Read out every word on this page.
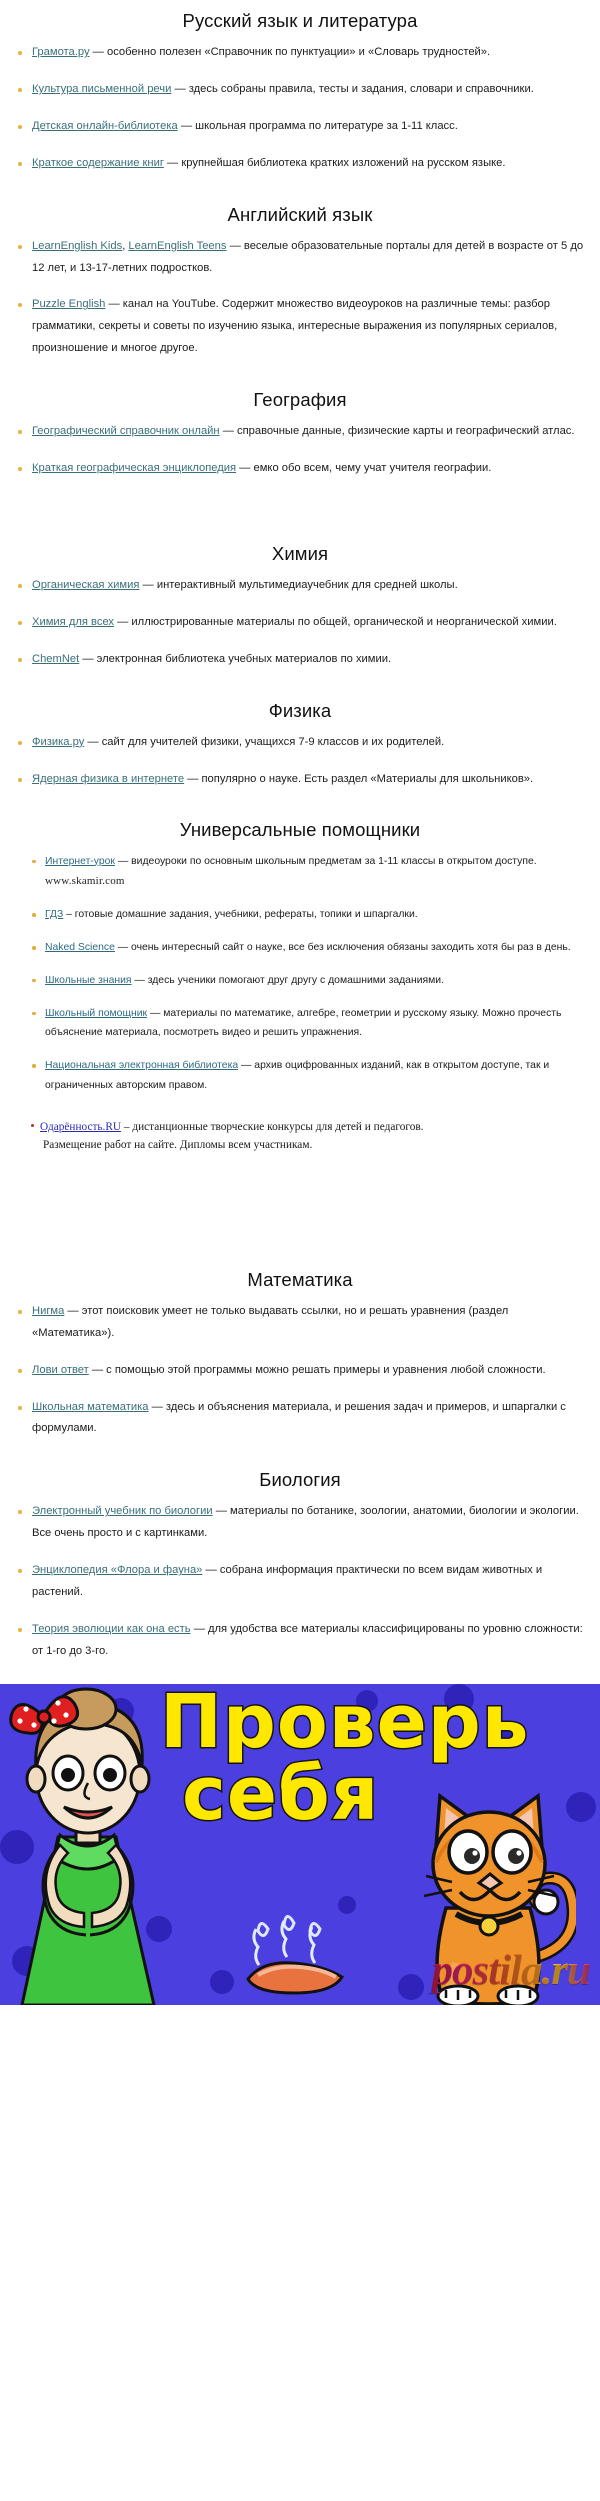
Русский язык и литература
Грамота.ру — особенно полезен «Справочник по пунктуации» и «Словарь трудностей».
Культура письменной речи — здесь собраны правила, тесты и задания, словари и справочники.
Детская онлайн-библиотека — школьная программа по литературе за 1-11 класс.
Краткое содержание книг — крупнейшая библиотека кратких изложений на русском языке.
Английский язык
LearnEnglish Kids, LearnEnglish Teens — веселые образовательные порталы для детей в возрасте от 5 до 12 лет, и 13-17-летних подростков.
Puzzle English — канал на YouTube. Содержит множество видеоуроков на различные темы: разбор грамматики, секреты и советы по изучению языка, интересные выражения из популярных сериалов, произношение и многое другое.
География
Географический справочник онлайн — справочные данные, физические карты и географический атлас.
Краткая географическая энциклопедия — емко обо всем, чему учат учителя географии.
Химия
Органическая химия — интерактивный мультимедиаучебник для средней школы.
Химия для всех — иллюстрированные материалы по общей, органической и неорганической химии.
ChemNet — электронная библиотека учебных материалов по химии.
Физика
Физика.ру — сайт для учителей физики, учащихся 7-9 классов и их родителей.
Ядерная физика в интернете — популярно о науке. Есть раздел «Материалы для школьников».
Универсальные помощники
Интернет-урок — видеоуроки по основным школьным предметам за 1-11 классы в открытом доступе. www.skamir.com
ГДЗ – готовые домашние задания, учебники, рефераты, топики и шпаргалки.
Naked Science — очень интересный сайт о науке, все без исключения обязаны заходить хотя бы раз в день.
Школьные знания — здесь ученики помогают друг другу с домашними заданиями.
Школьный помощник — материалы по математике, алгебре, геометрии и русскому языку. Можно прочесть объяснение материала, посмотреть видео и решить упражнения.
Национальная электронная библиотека — архив оцифрованных изданий, как в открытом доступе, так и ограниченных авторским правом.
Одарённость.RU – дистанционные творческие конкурсы для детей и педагогов.
Размещение работ на сайте. Дипломы всем участникам.
Математика
Нигма — этот поисковик умеет не только выдавать ссылки, но и решать уравнения (раздел «Математика»).
Лови ответ — с помощью этой программы можно решать примеры и уравнения любой сложности.
Школьная математика — здесь и объяснения материала, и решения задач и примеров, и шпаргалки с формулами.
Биология
Электронный учебник по биологии — материалы по ботанике, зоологии, анатомии, биологии и экологии. Все очень просто и с картинками.
Энциклопедия «Флора и фауна» — собрана информация практически по всем видам животных и растений.
Теория эволюции как она есть — для удобства все материалы классифицированы по уровню сложности: от 1-го до 3-го.
Проверь
себя
